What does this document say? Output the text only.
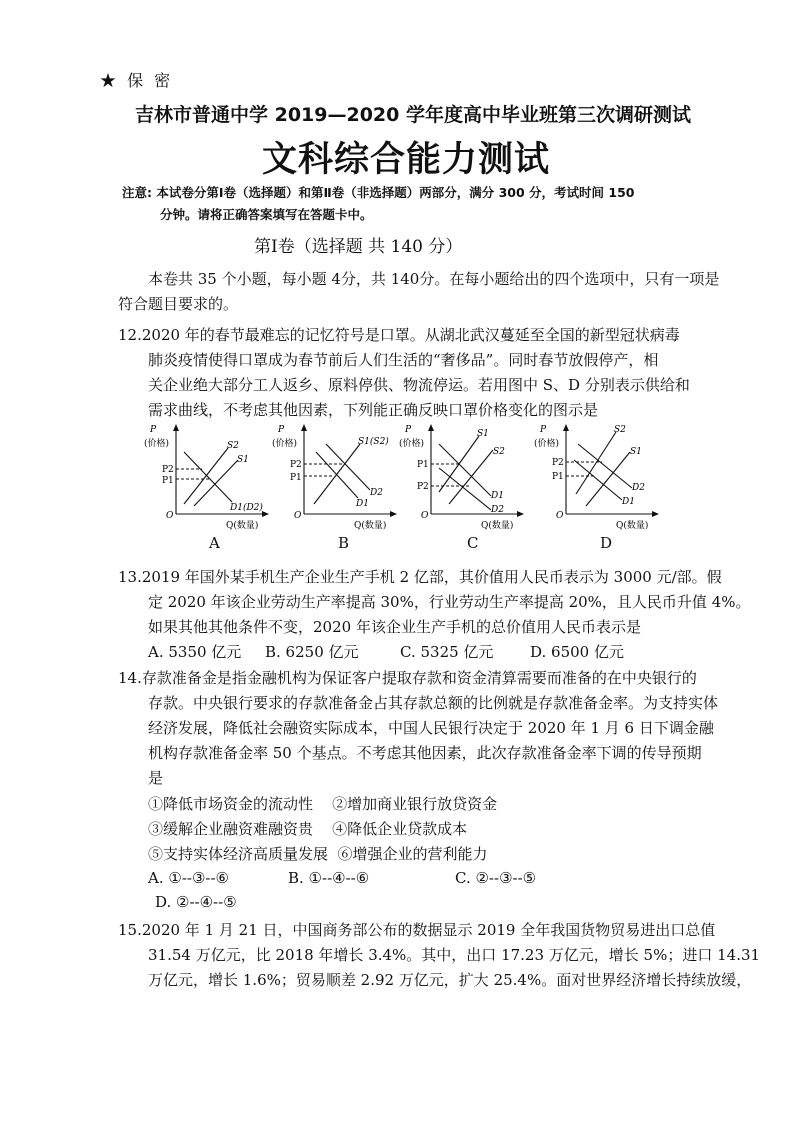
★ 保 密
吉林市普通中学 2019—2020 学年度高中毕业班第三次调研测试
文科综合能力测试
注意: 本试卷分第Ⅰ卷（选择题）和第Ⅱ卷（非选择题）两部分，满分 300 分，考试时间 150
分钟。请将正确答案填写在答题卡中。
第Ⅰ卷（选择题 共 140 分）
本卷共 35 个小题，每小题 4分，共 140分。在每小题给出的四个选项中，只有一项是
符合题目要求的。
12.2020 年的春节最难忘的记忆符号是口罩。从湖北武汉蔓延至全国的新型冠状病毒
肺炎疫情使得口罩成为春节前后人们生活的“奢侈品”。同时春节放假停产，相
关企业绝大部分工人返乡、原料停供、物流停运。若用图中 S、D 分别表示供给和
需求曲线，不考虑其他因素，下列能正确反映口罩价格变化的图示是
P
(价格)
O
Q(数量)
P2
P1
S2
S1
D1(D2)
P
(价格)
O
Q(数量)
P2
P1
S1(S2)
D2
D1
P
(价格)
O
Q(数量)
P1
P2
S1
S2
D1
D2
P
(价格)
O
Q(数量)
P2
P1
S2
S1
D2
D1
A	B	C	D
13.2019 年国外某手机生产企业生产手机 2 亿部，其价值用人民币表示为 3000 元/部。假
定 2020 年该企业劳动生产率提高 30%，行业劳动生产率提高 20%，且人民币升值 4%。
如果其他其他条件不变，2020 年该企业生产手机的总价值用人民币表示是
A. 5350 亿元 B. 6250 亿元	C. 5325 亿元 D. 6500 亿元
14.存款准备金是指金融机构为保证客户提取存款和资金清算需要而准备的在中央银行的
存款。中央银行要求的存款准备金占其存款总额的比例就是存款准备金率。为支持实体
经济发展，降低社会融资实际成本，中国人民银行决定于 2020 年 1 月 6 日下调金融
机构存款准备金率 50 个基点。不考虑其他因素，此次存款准备金率下调的传导预期
是
①降低市场资金的流动性    ②增加商业银行放贷资金
③缓解企业融资难融资贵    ④降低企业贷款成本
⑤支持实体经济高质量发展  ⑥增强企业的营利能力
A. ①--③--⑥	B. ①--④--⑥	C. ②--③--⑤
D. ②--④--⑤
15.2020 年 1 月 21 日，中国商务部公布的数据显示 2019 全年我国货物贸易进出口总值
31.54 万亿元，比 2018 年增长 3.4%。其中，出口 17.23 万亿元，增长 5%；进口 14.31
万亿元，增长 1.6%；贸易顺差 2.92 万亿元，扩大 25.4%。面对世界经济增长持续放缓，
